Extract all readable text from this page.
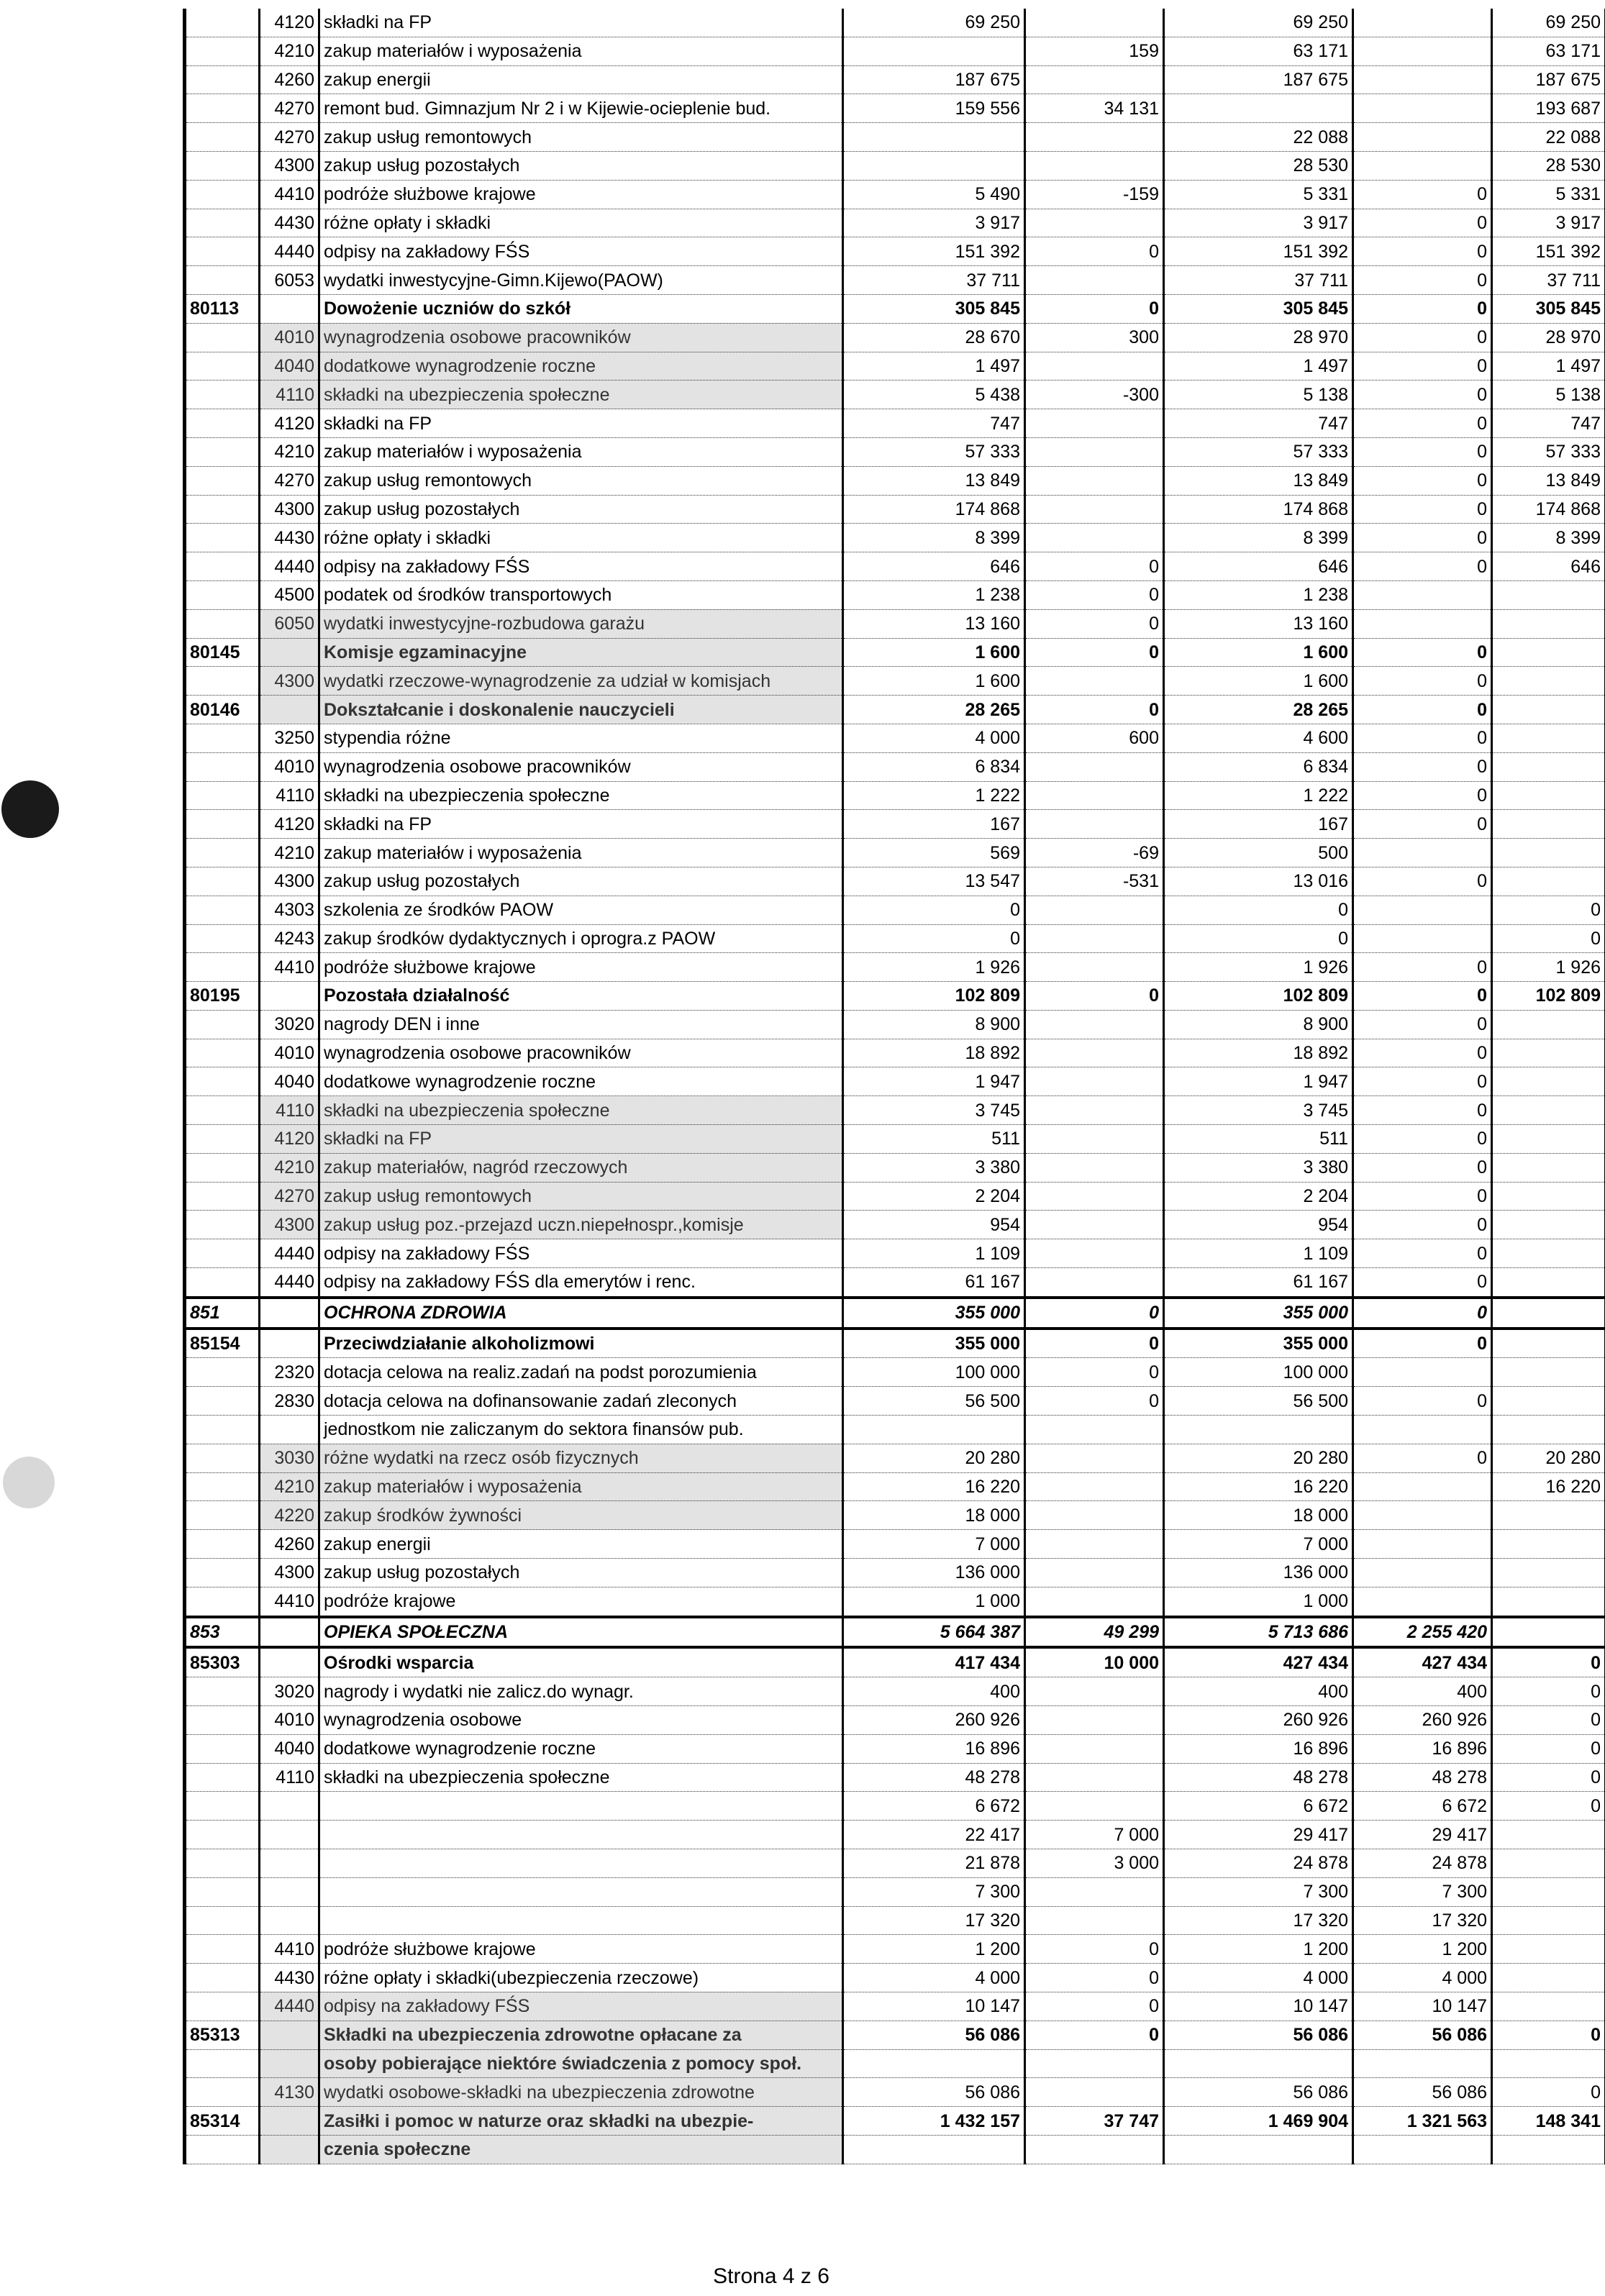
	4120	składki na FP	69 250		69 250		69 250
	4210	zakup materiałów i wyposażenia		159	63 171		63 171
	4260	zakup energii	187 675		187 675		187 675
	4270	remont bud. Gimnazjum Nr 2 i w Kijewie-ocieplenie bud.	159 556	34 131			193 687
	4270	zakup usług remontowych			22 088		22 088
	4300	zakup usług pozostałych			28 530		28 530
	4410	podróże służbowe krajowe	5 490	-159	5 331	0	5 331
	4430	różne opłaty i składki	3 917		3 917	0	3 917
	4440	odpisy na zakładowy FŚS	151 392	0	151 392	0	151 392
	6053	wydatki inwestycyjne-Gimn.Kijewo(PAOW)	37 711		37 711	0	37 711
80113		Dowożenie uczniów do szkół	305 845	0	305 845	0	305 845
	4010	wynagrodzenia osobowe pracowników	28 670	300	28 970	0	28 970
	4040	dodatkowe wynagrodzenie roczne	1 497		1 497	0	1 497
	4110	składki na ubezpieczenia społeczne	5 438	-300	5 138	0	5 138
	4120	składki na FP	747		747	0	747
	4210	zakup materiałów i wyposażenia	57 333		57 333	0	57 333
	4270	zakup usług remontowych	13 849		13 849	0	13 849
	4300	zakup usług pozostałych	174 868		174 868	0	174 868
	4430	różne opłaty i składki	8 399		8 399	0	8 399
	4440	odpisy na zakładowy FŚS	646	0	646	0	646
	4500	podatek od środków transportowych	1 238	0	1 238		
	6050	wydatki inwestycyjne-rozbudowa garażu	13 160	0	13 160		
80145		Komisje egzaminacyjne	1 600	0	1 600	0	
	4300	wydatki rzeczowe-wynagrodzenie za udział w komisjach	1 600		1 600	0	
80146		Dokształcanie i doskonalenie nauczycieli	28 265	0	28 265	0	
	3250	stypendia różne	4 000	600	4 600	0	
	4010	wynagrodzenia osobowe pracowników	6 834		6 834	0	
	4110	składki na ubezpieczenia społeczne	1 222		1 222	0	
	4120	składki na FP	167		167	0	
	4210	zakup materiałów i wyposażenia	569	-69	500		
	4300	zakup usług pozostałych	13 547	-531	13 016	0	
	4303	szkolenia ze środków PAOW	0		0		0
	4243	zakup środków dydaktycznych i oprogra.z PAOW	0		0		0
	4410	podróże służbowe krajowe	1 926		1 926	0	1 926
80195		Pozostała działalność	102 809	0	102 809	0	102 809
	3020	nagrody DEN i inne	8 900		8 900	0	
	4010	wynagrodzenia osobowe pracowników	18 892		18 892	0	
	4040	dodatkowe wynagrodzenie roczne	1 947		1 947	0	
	4110	składki na ubezpieczenia społeczne	3 745		3 745	0	
	4120	składki na FP	511		511	0	
	4210	zakup materiałów, nagród rzeczowych	3 380		3 380	0	
	4270	zakup usług remontowych	2 204		2 204	0	
	4300	zakup usług poz.-przejazd uczn.niepełnospr.,komisje	954		954	0	
	4440	odpisy na zakładowy FŚS	1 109		1 109	0	
	4440	odpisy na zakładowy FŚS dla emerytów i renc.	61 167		61 167	0	
851		OCHRONA ZDROWIA	355 000	0	355 000	0	
85154		Przeciwdziałanie alkoholizmowi	355 000	0	355 000	0	
	2320	dotacja celowa na realiz.zadań na podst porozumienia	100 000	0	100 000		
	2830	dotacja celowa na dofinansowanie zadań zleconych	56 500	0	56 500	0	
		jednostkom nie zaliczanym do sektora finansów pub.					
	3030	różne wydatki na rzecz osób fizycznych	20 280		20 280	0	20 280
	4210	zakup materiałów i wyposażenia	16 220		16 220		16 220
	4220	zakup środków żywności	18 000		18 000		
	4260	zakup energii	7 000		7 000		
	4300	zakup usług pozostałych	136 000		136 000		
	4410	podróże krajowe	1 000		1 000		
853		OPIEKA SPOŁECZNA	5 664 387	49 299	5 713 686	2 255 420	
85303		Ośrodki wsparcia	417 434	10 000	427 434	427 434	0
	3020	nagrody i wydatki nie zalicz.do wynagr.	400		400	400	0
	4010	wynagrodzenia osobowe	260 926		260 926	260 926	0
	4040	dodatkowe wynagrodzenie roczne	16 896		16 896	16 896	0
	4110	składki na ubezpieczenia społeczne	48 278		48 278	48 278	0
			6 672		6 672	6 672	0
			22 417	7 000	29 417	29 417	
			21 878	3 000	24 878	24 878	
			7 300		7 300	7 300	
			17 320		17 320	17 320	
	4410	podróże służbowe krajowe	1 200	0	1 200	1 200	
	4430	różne opłaty i składki(ubezpieczenia rzeczowe)	4 000	0	4 000	4 000	
	4440	odpisy na zakładowy FŚS	10 147	0	10 147	10 147	
85313		Składki na ubezpieczenia zdrowotne opłacane za	56 086	0	56 086	56 086	0
		osoby pobierające niektóre świadczenia z pomocy społ.					
	4130	wydatki osobowe-składki na ubezpieczenia zdrowotne	56 086		56 086	56 086	0
85314		Zasiłki i pomoc w naturze oraz składki na ubezpie-	1 432 157	37 747	1 469 904	1 321 563	148 341
		czenia społeczne					
Strona 4 z 6
